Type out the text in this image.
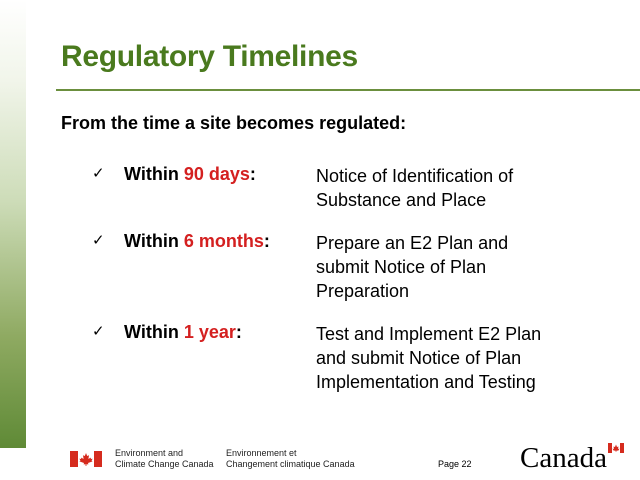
Regulatory Timelines
From the time a site becomes regulated:
✓ Within 90 days:	Notice of Identification of
Substance and Place
✓ Within 6 months:	Prepare an E2 Plan and
submit Notice of Plan
Preparation
✓ Within 1 year:	Test and Implement E2 Plan
and submit Notice of Plan
Implementation and Testing
Environment and
Climate Change Canada
Environnement et
Changement climatique Canada	Page 22 Canada
